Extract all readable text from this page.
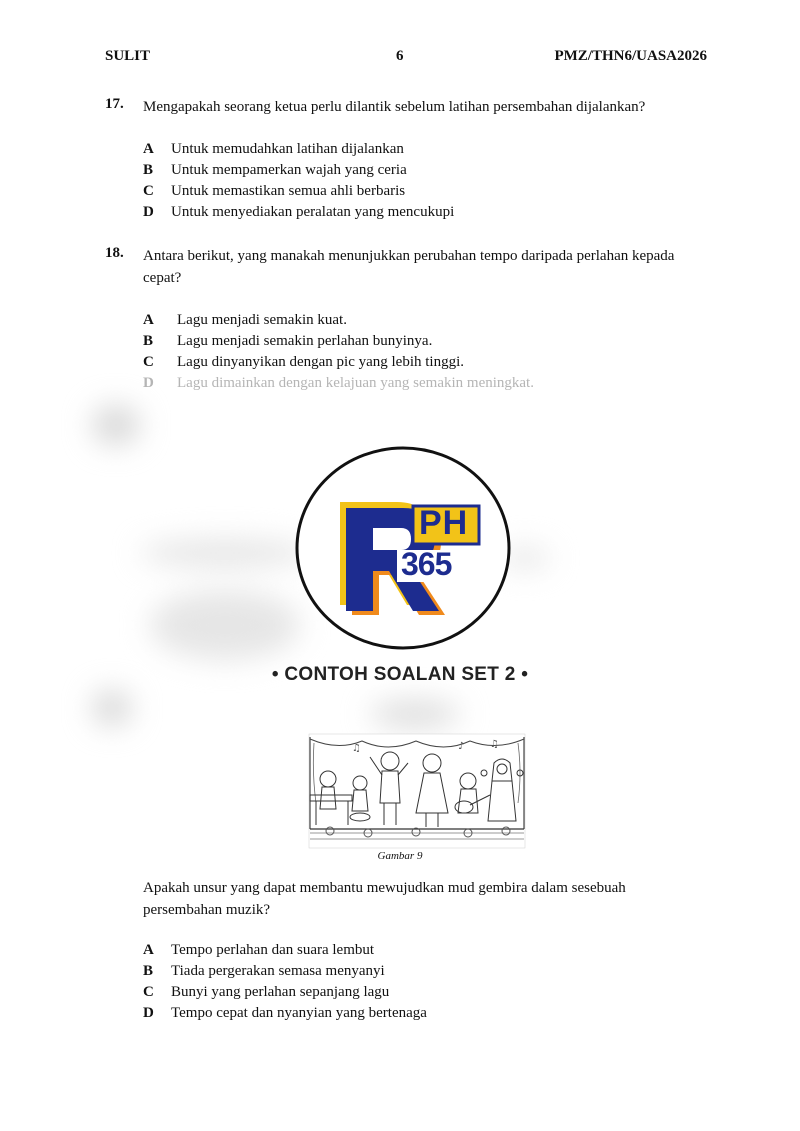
SULIT	6	PMZ/THN6/UASA2026
17. Mengapakah seorang ketua perlu dilantik sebelum latihan persembahan dijalankan?
A Untuk memudahkan latihan dijalankan
B Untuk mempamerkan wajah yang ceria
C Untuk memastikan semua ahli berbaris
D Untuk menyediakan peralatan yang mencukupi
18. Antara berikut, yang manakah menunjukkan perubahan tempo daripada perlahan kepada cepat?
A Lagu menjadi semakin kuat.
B Lagu menjadi semakin perlahan bunyinya.
C Lagu dinyanyikan dengan pic yang lebih tinggi.
D Lagu dimainkan dengan kelajuan yang semakin meningkat.
PH
365
• CONTOH SOALAN SET 2 •
♫	♪	♫
Gambar 9
Apakah unsur yang dapat membantu mewujudkan mud gembira dalam sesebuah persembahan muzik?
A Tempo perlahan dan suara lembut
B Tiada pergerakan semasa menyanyi
C Bunyi yang perlahan sepanjang lagu
D Tempo cepat dan nyanyian yang bertenaga
